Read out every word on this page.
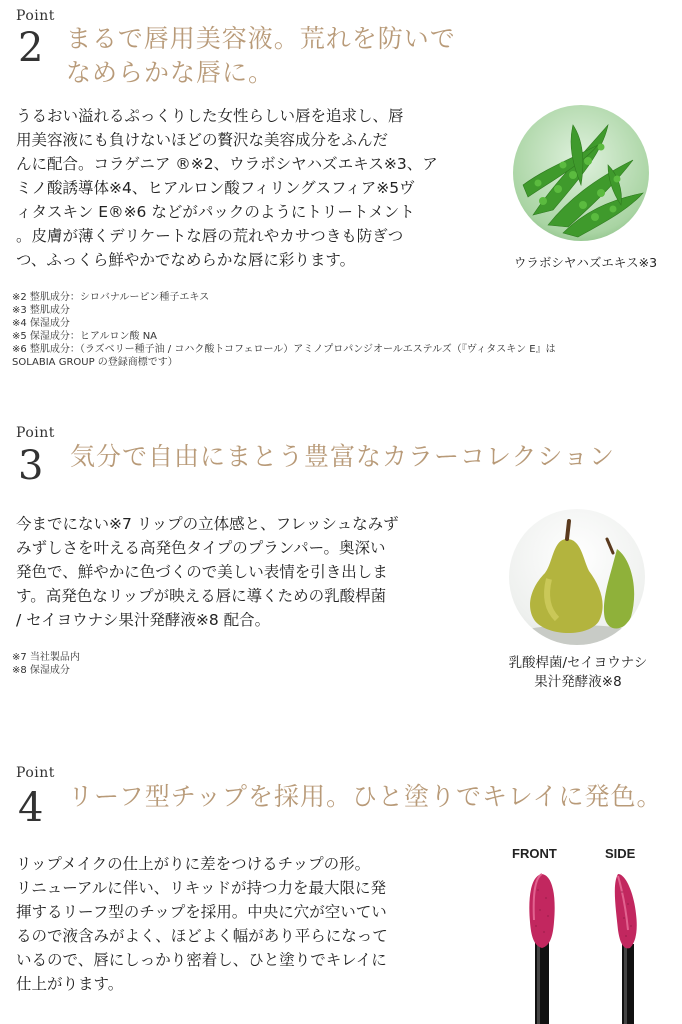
Point
2 まるで唇用美容液。荒れを防いで
なめらかな唇に。
うるおい溢れるぷっくりした女性らしい唇を追求し、唇
用美容液にも負けないほどの贅沢な美容成分をふんだ
んに配合。コラゲニア ®※2、ウラボシヤハズエキス※3、ア
ミノ酸誘導体※4、ヒアルロン酸フィリングスフィア※5ヴ
ィタスキン E®※6 などがパックのようにトリートメント
。皮膚が薄くデリケートな唇の荒れやカサつきも防ぎつ
つ、ふっくら鮮やかでなめらかな唇に彩ります。
※2 整肌成分：シロバナルーピン種子エキス
※3 整肌成分
※4 保湿成分
※5 保湿成分：ヒアルロン酸 NA
※6 整肌成分：（ラズベリー種子油 / コハク酸トコフェロール）アミノプロパンジオールエステルズ（『ヴィタスキン E』は
SOLABIA GROUP の登録商標です）
ウラボシヤハズエキス※3
Point
3 気分で自由にまとう豊富なカラーコレクション
今までにない※7 リップの立体感と、フレッシュなみず
みずしさを叶える高発色タイプのプランパー。奥深い
発色で、鮮やかに色づくので美しい表情を引き出しま
す。高発色なリップが映える唇に導くための乳酸桿菌
/ セイヨウナシ果汁発酵液※8 配合。
※7 当社製品内
※8 保湿成分	乳酸桿菌/セイヨウナシ
果汁発酵液※8
Point
4 リーフ型チップを採用。ひと塗りでキレイに発色。
リップメイクの仕上がりに差をつけるチップの形。
リニューアルに伴い、リキッドが持つ力を最大限に発
揮するリーフ型のチップを採用。中央に穴が空いてい
るので液含みがよく、ほどよく幅があり平らになって
いるので、唇にしっかり密着し、ひと塗りでキレイに
仕上がります。
FRONT	SIDE
